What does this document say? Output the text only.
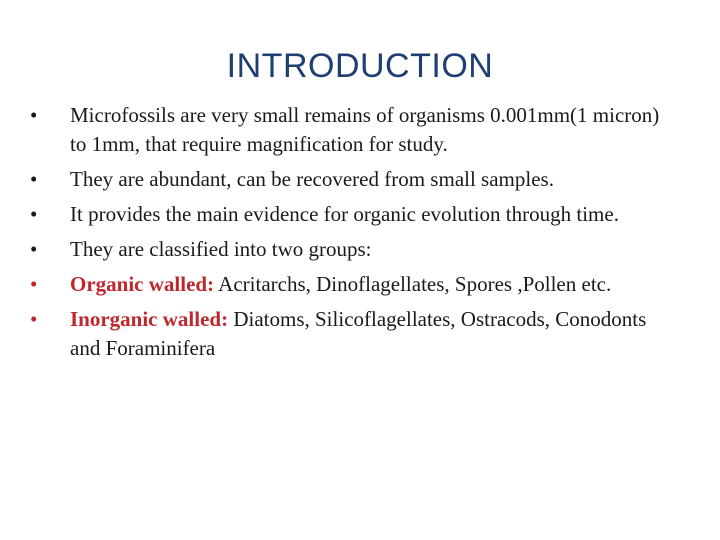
INTRODUCTION
•	Microfossils are very small remains of organisms 0.001mm(1 micron) to 1mm, that require magnification for study.
•	They are abundant, can be recovered from small samples.
•	It provides the main evidence for organic evolution through time.
•	They are classified into two groups:
•	Organic walled: Acritarchs, Dinoflagellates, Spores ,Pollen etc.
•	Inorganic walled: Diatoms, Silicoflagellates, Ostracods, Conodonts and Foraminifera
